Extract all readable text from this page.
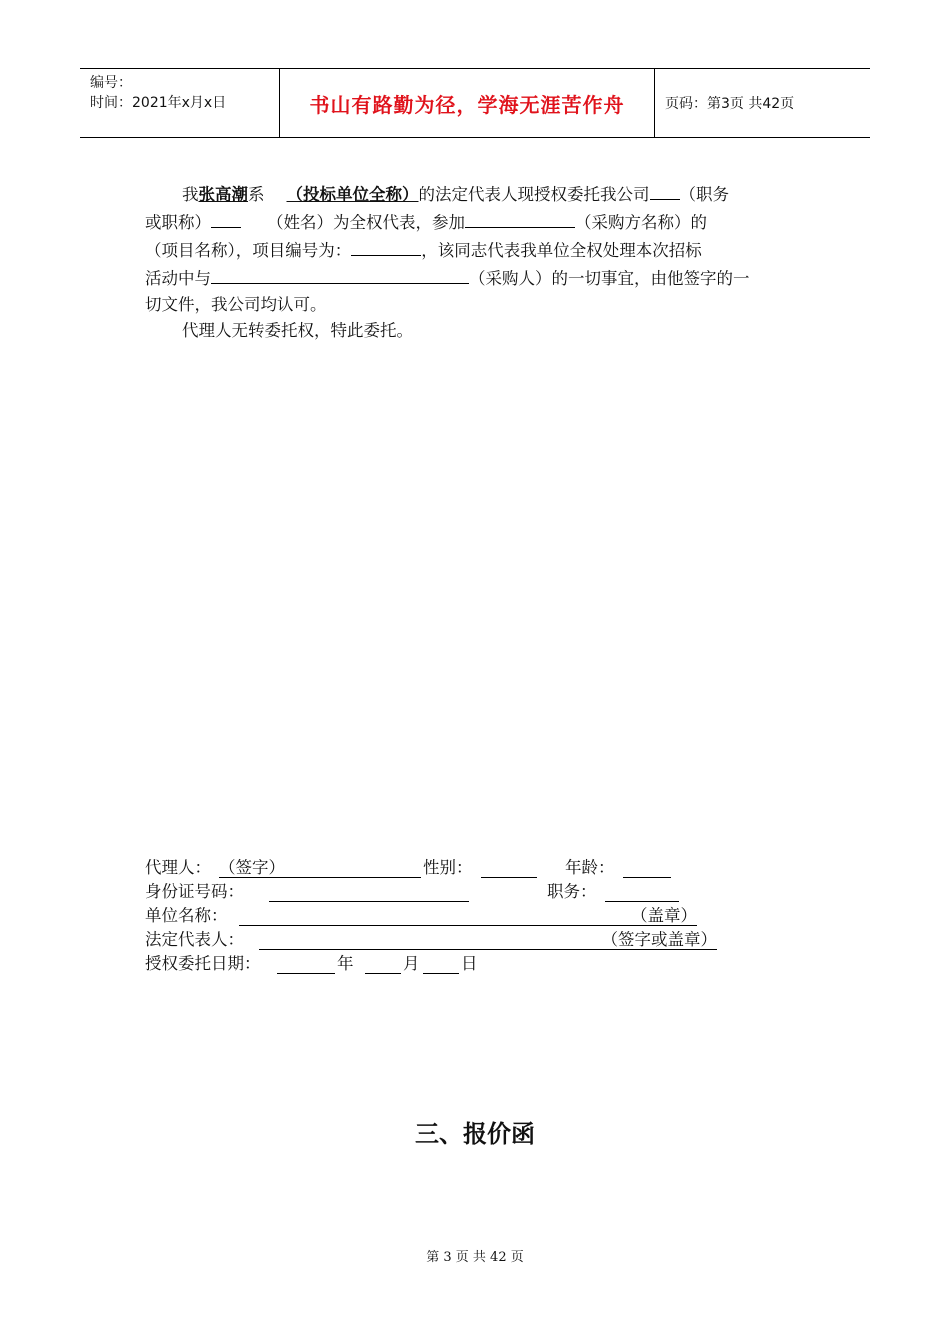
编号：
时间：2021年x月x日	书山有路勤为径，学海无涯苦作舟	页码：第3页 共42页

我张高潮系 （投标单位全称）的法定代表人现授权委托我公司 （职务

或职称）	（姓名）为全权代表，参加	（采购方名称）的

（项目名称），项目编号为：	，该同志代表我单位全权处理本次招标

活动中与	（采购人）的一切事宜，由他签字的一

切文件，我公司均认可。

代理人无转委托权，特此委托。

代理人： （签字）	性别：	年龄：
身份证号码：	职务：
单位名称：	（盖章）
法定代表人：	（签字或盖章）
授权委托日期：	年	月	日
三、报价函
第 3 页 共 42 页
